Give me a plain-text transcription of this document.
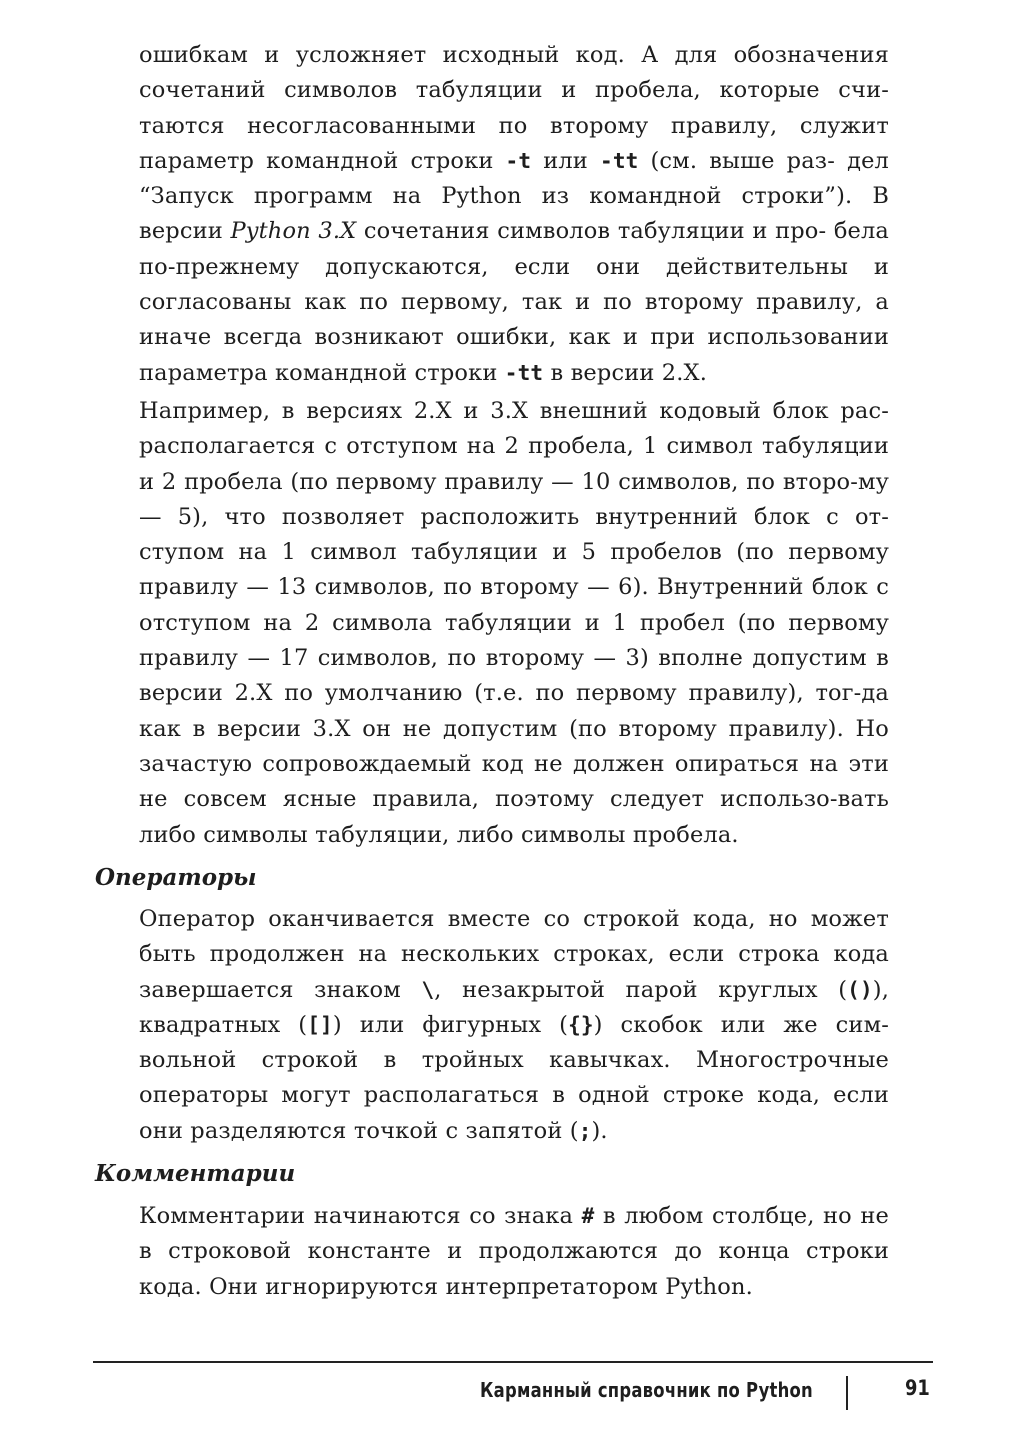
ошибкам и усложняет исходный код. А для обозначения сочетаний символов табуляции и пробела, которые счи- таются несогласованными по второму правилу, служит параметр командной строки -t или -tt (см. выше раз- дел “Запуск программ на Python из командной строки”). В версии Python 3.X сочетания символов табуляции и про- бела по-прежнему допускаются, если они действительны и согласованы как по первому, так и по второму правилу, а иначе всегда возникают ошибки, как и при использовании параметра командной строки -tt в версии 2.X.

Например, в версиях 2.X и 3.X внешний кодовый блок рас-располагается с отступом на 2 пробела, 1 символ табуляции и 2 пробела (по первому правилу — 10 символов, по второ-му — 5), что позволяет расположить внутренний блок с от-ступом на 1 символ табуляции и 5 пробелов (по первому правилу — 13 символов, по второму — 6). Внутренний блок с отступом на 2 символа табуляции и 1 пробел (по первому правилу — 17 символов, по второму — 3) вполне допустим в версии 2.X по умолчанию (т.е. по первому правилу), тог-да как в версии 3.X он не допустим (по второму правилу). Но зачастую сопровождаемый код не должен опираться на эти не совсем ясные правила, поэтому следует использо-вать либо символы табуляции, либо символы пробела.

Операторы

Оператор оканчивается вместе со строкой кода, но может быть продолжен на нескольких строках, если строка кода завершается знаком \, незакрытой парой круглых (()), квадратных ([]) или фигурных ({}) скобок или же сим-вольной строкой в тройных кавычках. Многострочные операторы могут располагаться в одной строке кода, если они разделяются точкой с запятой (;).

Комментарии

Комментарии начинаются со знака # в любом столбце, но не в строковой константе и продолжаются до конца строки кода. Они игнорируются интерпретатором Python.

Карманный справочник по Python	91
